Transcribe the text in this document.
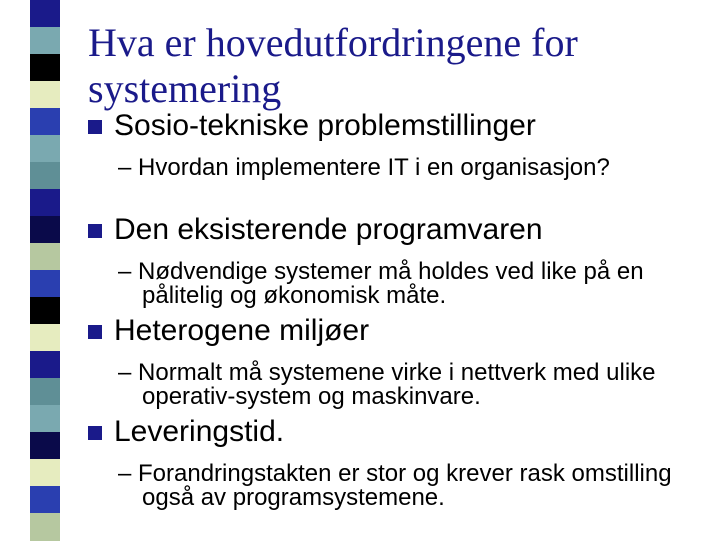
Hva er hovedutfordringene for systemering
Sosio-tekniske problemstillinger
– Hvordan implementere IT i en organisasjon?
Den eksisterende programvaren
– Nødvendige systemer må holdes ved like på en pålitelig og økonomisk måte.
Heterogene miljøer
– Normalt må systemene virke i nettverk med ulike operativ-system og maskinvare.
Leveringstid.
– Forandringstakten er stor og krever rask omstilling også av programsystemene.
